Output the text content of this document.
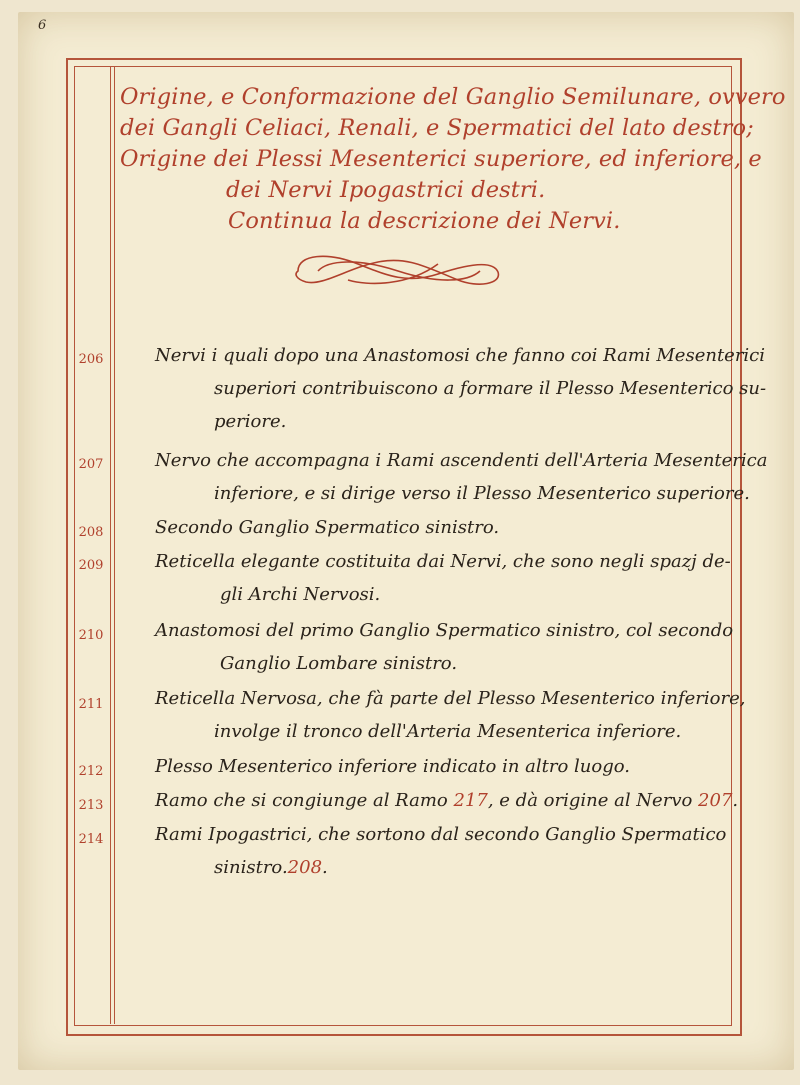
6
Origine, e Conformazione del Ganglio Semilunare, ovvero
dei Gangli Celiaci, Renali, e Spermatici del lato destro;
Origine dei Plessi Mesenterici superiore, ed inferiore, e
dei Nervi Ipogastrici destri.
Continua la descrizione dei Nervi.
206	Nervi i quali dopo una Anastomosi che fanno coi Rami Mesenterici
superiori contribuiscono a formare il Plesso Mesenterico su-
periore.
207	Nervo che accompagna i Rami ascendenti dell'Arteria Mesenterica
inferiore, e si dirige verso il Plesso Mesenterico superiore.
208	Secondo Ganglio Spermatico sinistro.
209	Reticella elegante costituita dai Nervi, che sono negli spazj de-
gli Archi Nervosi.
210	Anastomosi del primo Ganglio Spermatico sinistro, col secondo
Ganglio Lombare sinistro.
211	Reticella Nervosa, che fà parte del Plesso Mesenterico inferiore,
involge il tronco dell'Arteria Mesenterica inferiore.
212	Plesso Mesenterico inferiore indicato in altro luogo.
213	Ramo che si congiunge al Ramo 217, e dà origine al Nervo 207.
214	Rami Ipogastrici, che sortono dal secondo Ganglio Spermatico
sinistro.208.
